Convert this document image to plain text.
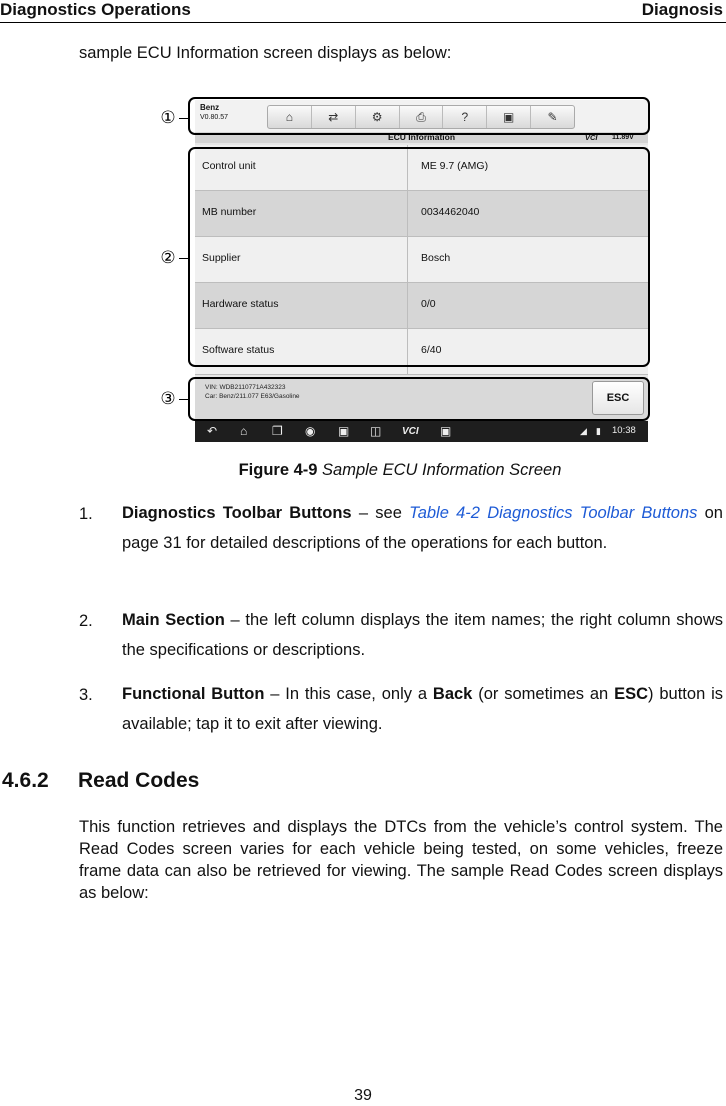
Diagnostics Operations	Diagnosis
sample ECU Information screen displays as below:
Benz
V0.80.57	⌂	⇄	⚙	⎙	?	▣	✎
ECU Information	VCI 11.89V
Control unit	ME 9.7 (AMG)
MB number	0034462040
Supplier	Bosch
Hardware status	0/0
Software status	6/40
VIN: WDB2110771A432323
Car: Benz/211.077 E63/Gasoline	ESC
↶ ⌂ ❐ ◉ ▣ ◫ VCI ▣	◢ ▮ 10:38
①
②
③
Figure 4-9 Sample ECU Information Screen
1. Diagnostics Toolbar Buttons – see Table 4-2 Diagnostics Toolbar Buttons on page 31 for detailed descriptions of the operations for each button.
2. Main Section – the left column displays the item names; the right column shows the specifications or descriptions.
3. Functional Button – In this case, only a Back (or sometimes an ESC) button is available; tap it to exit after viewing.
4.6.2 Read Codes
This function retrieves and displays the DTCs from the vehicle’s control system. The Read Codes screen varies for each vehicle being tested, on some vehicles, freeze frame data can also be retrieved for viewing. The sample Read Codes screen displays as below:
39
